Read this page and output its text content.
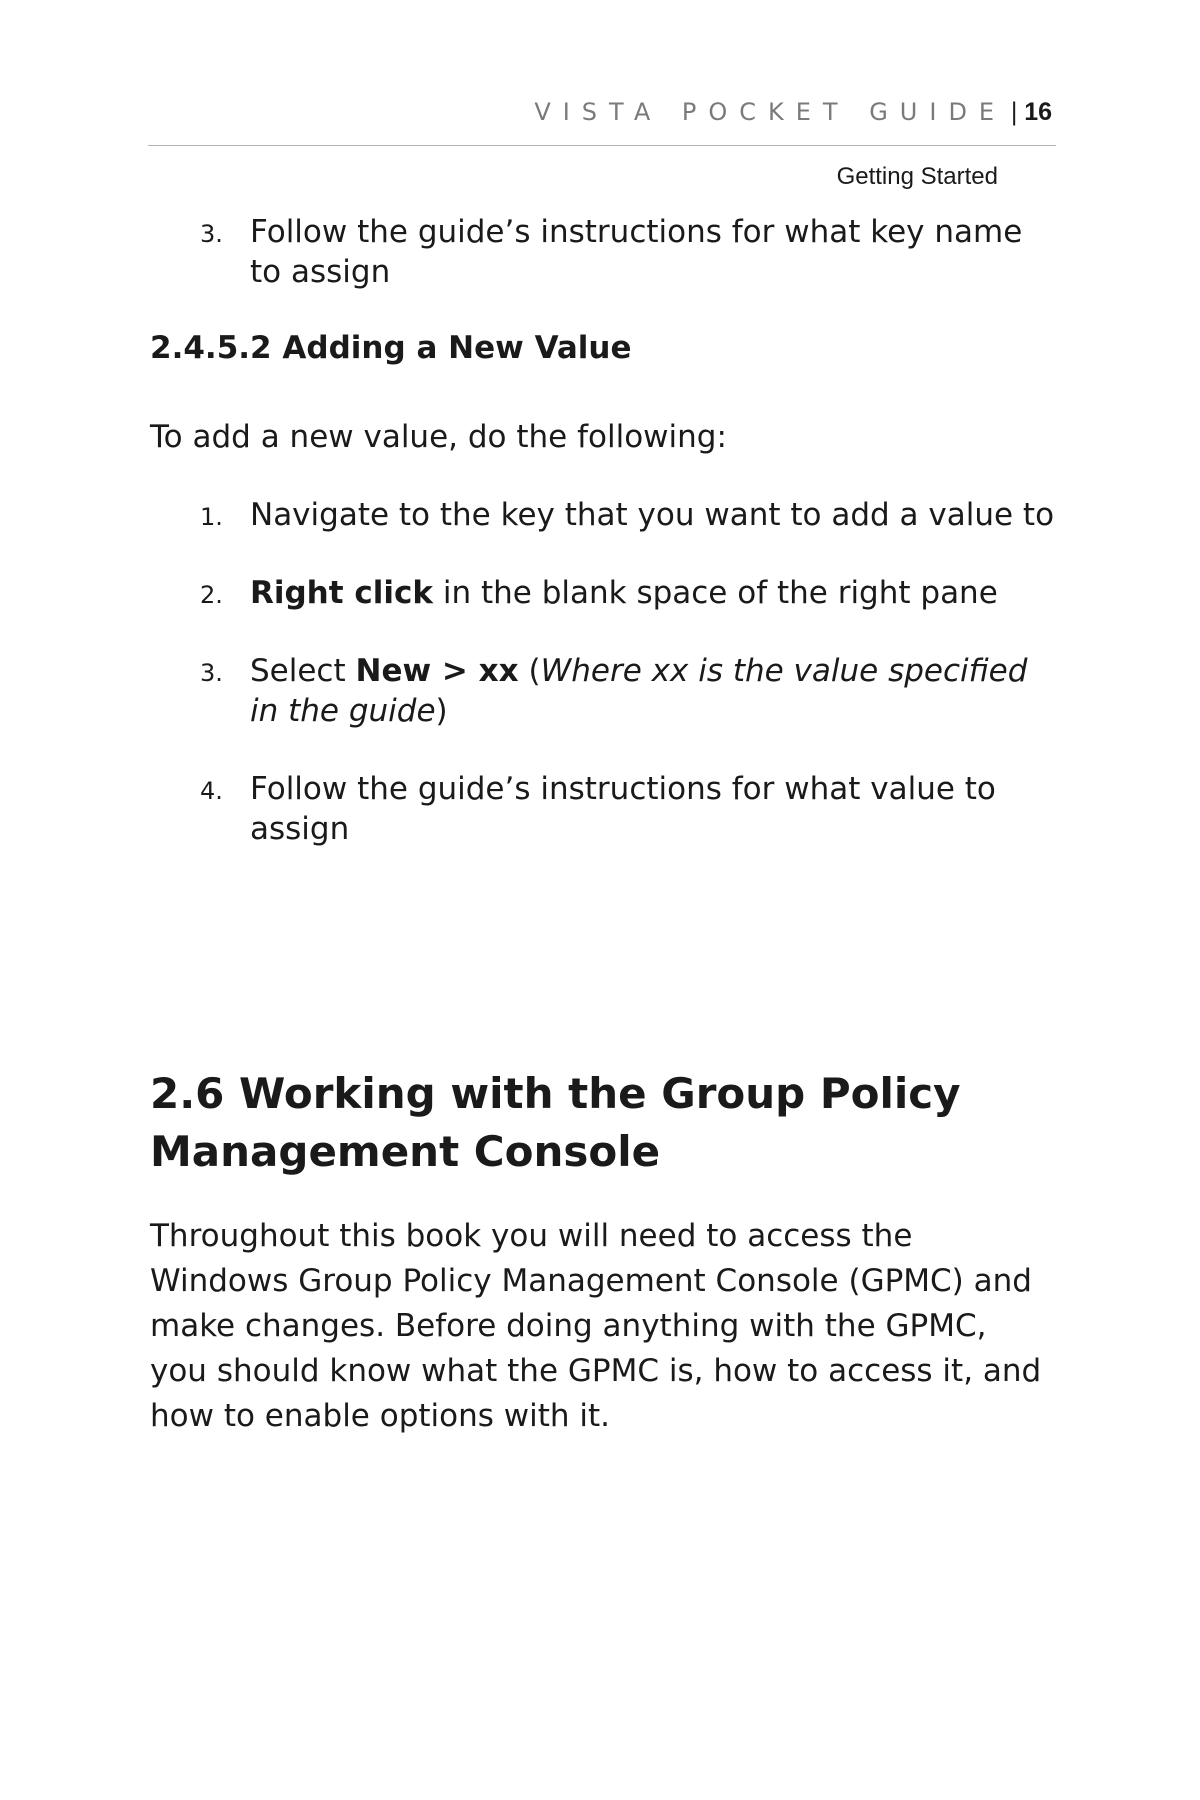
VISTA POCKET GUIDE | 16
Getting Started
3. Follow the guide’s instructions for what key name to assign
2.4.5.2 Adding a New Value

To add a new value, do the following:

1. Navigate to the key that you want to add a value to
2. Right click in the blank space of the right pane
3. Select New > xx (Where xx is the value specified in the guide)
4. Follow the guide’s instructions for what value to assign
2.6 Working with the Group Policy Management Console

Throughout this book you will need to access the Windows Group Policy Management Console (GPMC) and make changes. Before doing anything with the GPMC, you should know what the GPMC is, how to access it, and how to enable options with it.
